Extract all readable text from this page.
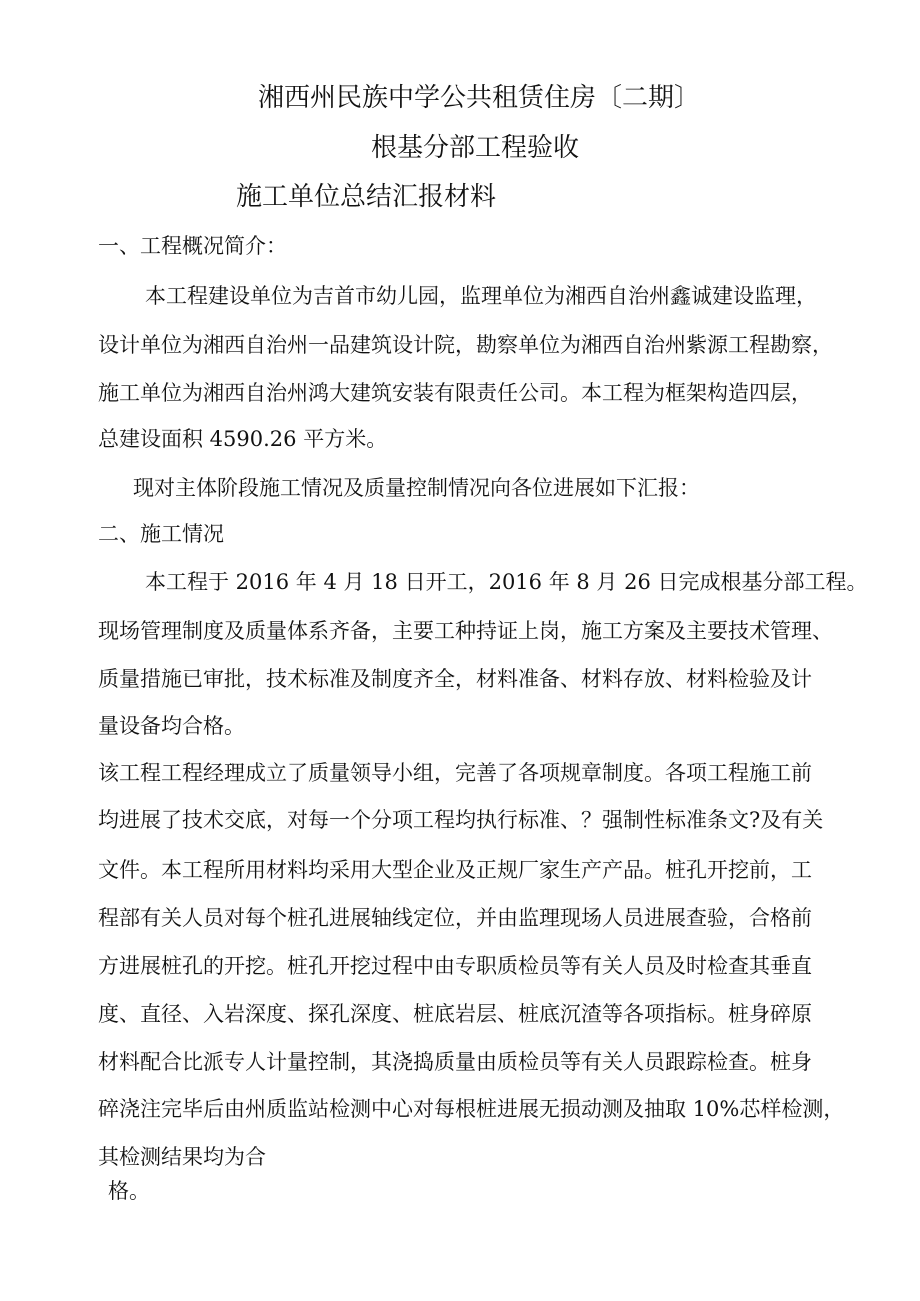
湘西州民族中学公共租赁住房〔二期〕
根基分部工程验收
施工单位总结汇报材料
一、工程概况简介：
本工程建设单位为吉首市幼儿园，监理单位为湘西自治州鑫诚建设监理，
设计单位为湘西自治州一品建筑设计院，勘察单位为湘西自治州紫源工程勘察，
施工单位为湘西自治州鸿大建筑安装有限责任公司。本工程为框架构造四层，
总建设面积 4590.26 平方米。
现对主体阶段施工情况及质量控制情况向各位进展如下汇报：
二、施工情况
本工程于 2016 年 4 月 18 日开工，2016 年 8 月 26 日完成根基分部工程。
现场管理制度及质量体系齐备，主要工种持证上岗，施工方案及主要技术管理、
质量措施已审批，技术标准及制度齐全，材料准备、材料存放、材料检验及计
量设备均合格。
该工程工程经理成立了质量领导小组，完善了各项规章制度。各项工程施工前
均进展了技术交底，对每一个分项工程均执行标准、？强制性标准条文?及有关
文件。本工程所用材料均采用大型企业及正规厂家生产产品。桩孔开挖前，工
程部有关人员对每个桩孔进展轴线定位，并由监理现场人员进展查验，合格前
方进展桩孔的开挖。桩孔开挖过程中由专职质检员等有关人员及时检查其垂直
度、直径、入岩深度、探孔深度、桩底岩层、桩底沉渣等各项指标。桩身碎原
材料配合比派专人计量控制，其浇捣质量由质检员等有关人员跟踪检查。桩身
碎浇注完毕后由州质监站检测中心对每根桩进展无损动测及抽取 10%芯样检测，
其检测结果均为合
格。
